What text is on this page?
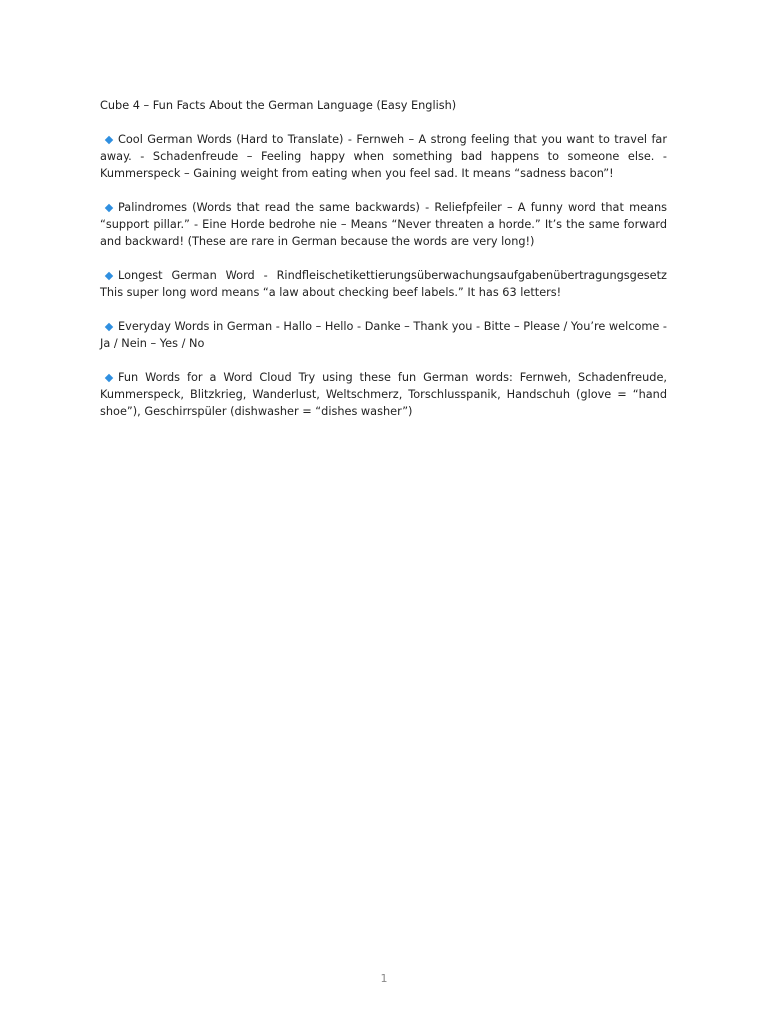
Cube 4 – Fun Facts About the German Language (Easy English)

Cool German Words (Hard to Translate) - Fernweh – A strong feeling that you want to travel far away. - Schadenfreude – Feeling happy when something bad happens to someone else. - Kummerspeck – Gaining weight from eating when you feel sad. It means “sadness bacon”!

Palindromes (Words that read the same backwards) - Reliefpfeiler – A funny word that means “support pillar.” - Eine Horde bedrohe nie – Means “Never threaten a horde.” It’s the same forward and backward! (These are rare in German because the words are very long!)

Longest German Word - Rindfleischetikettierungsüberwachungsaufgabenübertragungsgesetz This super long word means “a law about checking beef labels.” It has 63 letters!

Everyday Words in German - Hallo – Hello - Danke – Thank you - Bitte – Please / You’re welcome - Ja / Nein – Yes / No

Fun Words for a Word Cloud Try using these fun German words: Fernweh, Schadenfreude, Kummerspeck, Blitzkrieg, Wanderlust, Weltschmerz, Torschlusspanik, Handschuh (glove = “hand shoe”), Geschirrspüler (dishwasher = “dishes washer”)

1
